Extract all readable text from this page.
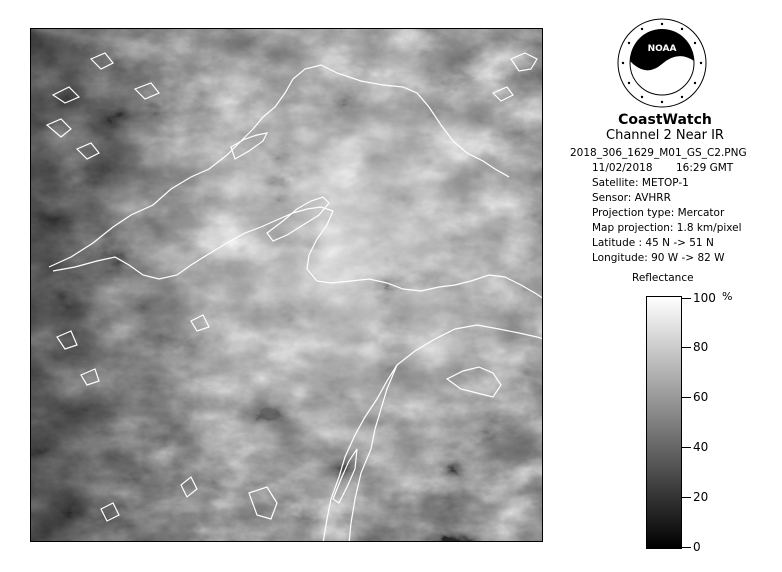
NOAA
CoastWatch
Channel 2 Near IR
2018_306_1629_M01_GS_C2.PNG
11/02/2018 16:29 GMT
Satellite: METOP-1
Sensor: AVHRR
Projection type: Mercator
Map projection: 1.8 km/pixel
Latitude : 45 N -> 51 N
Longitude: 90 W -> 82 W
Reflectance
%
100
80
60
40
20
0
